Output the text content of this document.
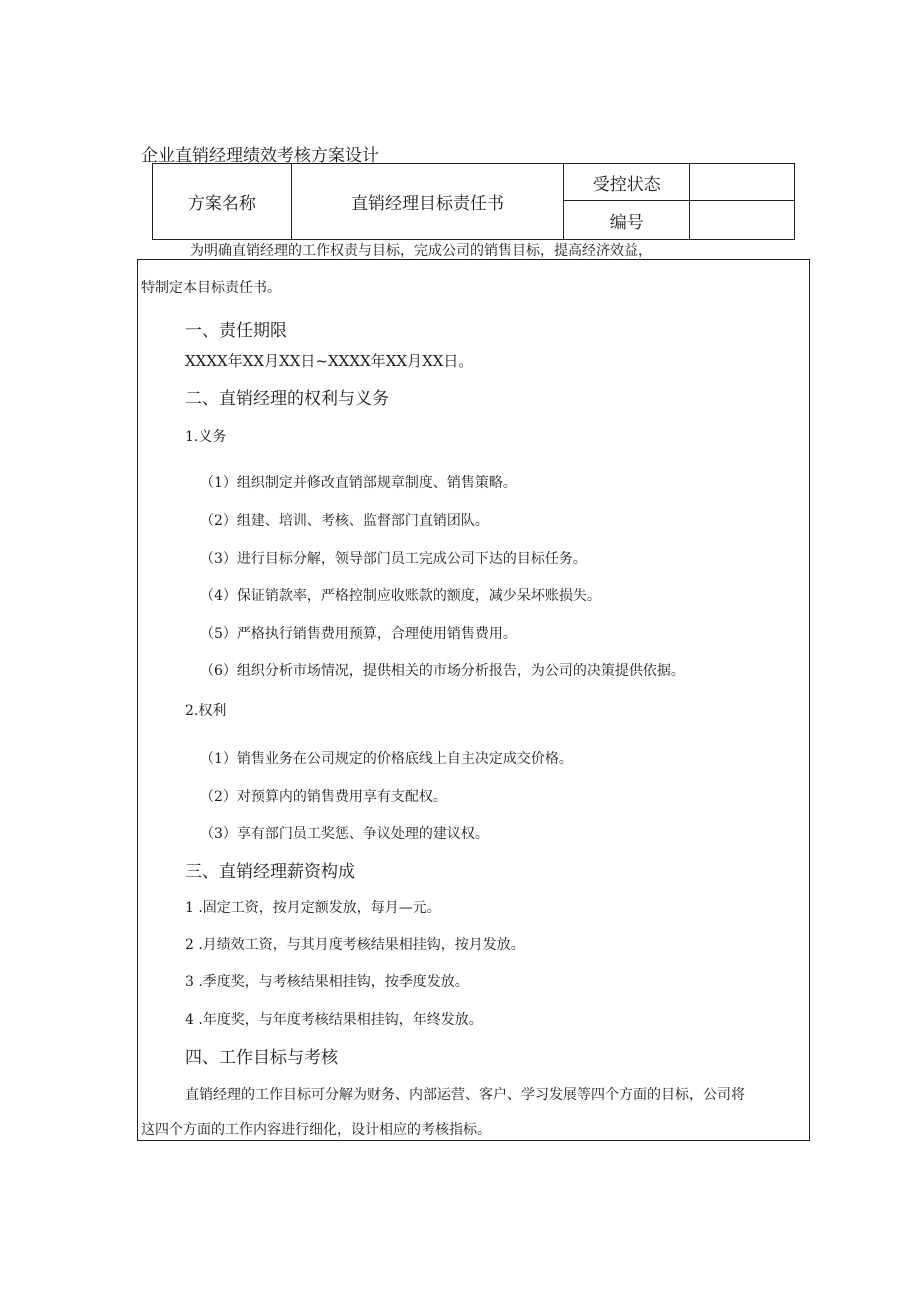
企业直销经理绩效考核方案设计
方案名称	直销经理目标责任书	受控状态	
		编号	
为明确直销经理的工作权责与目标，完成公司的销售目标，提高经济效益，
特制定本目标责任书。
一、责任期限
XXXX年XX月XX日~XXXX年XX月XX日。
二、直销经理的权利与义务
1.义务
（1）组织制定并修改直销部规章制度、销售策略。
（2）组建、培训、考核、监督部门直销团队。
（3）进行目标分解，领导部门员工完成公司下达的目标任务。
（4）保证销款率，严格控制应收账款的额度，减少呆坏账损失。
（5）严格执行销售费用预算，合理使用销售费用。
（6）组织分析市场情况，提供相关的市场分析报告，为公司的决策提供依据。
2.权利
（1）销售业务在公司规定的价格底线上自主决定成交价格。
（2）对预算内的销售费用享有支配权。
（3）享有部门员工奖惩、争议处理的建议权。
三、直销经理薪资构成
1 .固定工资，按月定额发放，每月—元。
2 .月绩效工资，与其月度考核结果相挂钩，按月发放。
3 .季度奖，与考核结果相挂钩，按季度发放。
4 .年度奖，与年度考核结果相挂钩，年终发放。
四、工作目标与考核
直销经理的工作目标可分解为财务、内部运营、客户、学习发展等四个方面的目标，公司将
这四个方面的工作内容进行细化，设计相应的考核指标。
